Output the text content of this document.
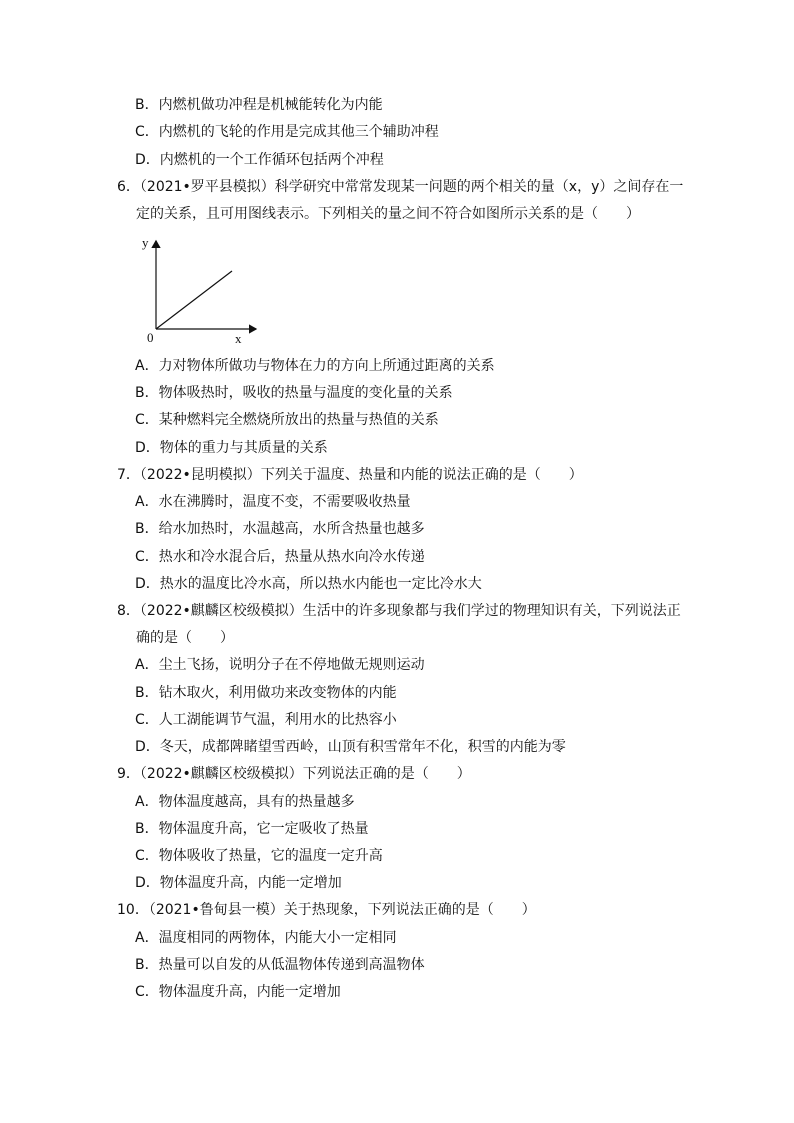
B．内燃机做功冲程是机械能转化为内能
C．内燃机的飞轮的作用是完成其他三个辅助冲程
D．内燃机的一个工作循环包括两个冲程
6．（2021•罗平县模拟）科学研究中常常发现某一问题的两个相关的量（x，y）之间存在一
定的关系，且可用图线表示。下列相关的量之间不符合如图所示关系的是（　　）
y
x
0
A．力对物体所做功与物体在力的方向上所通过距离的关系
B．物体吸热时，吸收的热量与温度的变化量的关系
C．某种燃料完全燃烧所放出的热量与热值的关系
D．物体的重力与其质量的关系
7．（2022•昆明模拟）下列关于温度、热量和内能的说法正确的是（　　）
A．水在沸腾时，温度不变，不需要吸收热量
B．给水加热时，水温越高，水所含热量也越多
C．热水和冷水混合后，热量从热水向冷水传递
D．热水的温度比冷水高，所以热水内能也一定比冷水大
8．（2022•麒麟区校级模拟）生活中的许多现象都与我们学过的物理知识有关，下列说法正
确的是（　　）
A．尘土飞扬，说明分子在不停地做无规则运动
B．钻木取火，利用做功来改变物体的内能
C．人工湖能调节气温，利用水的比热容小
D．冬天，成都陴睹望雪西岭，山顶有积雪常年不化，积雪的内能为零
9．（2022•麒麟区校级模拟）下列说法正确的是（　　）
A．物体温度越高，具有的热量越多
B．物体温度升高，它一定吸收了热量
C．物体吸收了热量，它的温度一定升高
D．物体温度升高，内能一定增加
10．（2021•鲁甸县一模）关于热现象，下列说法正确的是（　　）
A．温度相同的两物体，内能大小一定相同
B．热量可以自发的从低温物体传递到高温物体
C．物体温度升高，内能一定增加
